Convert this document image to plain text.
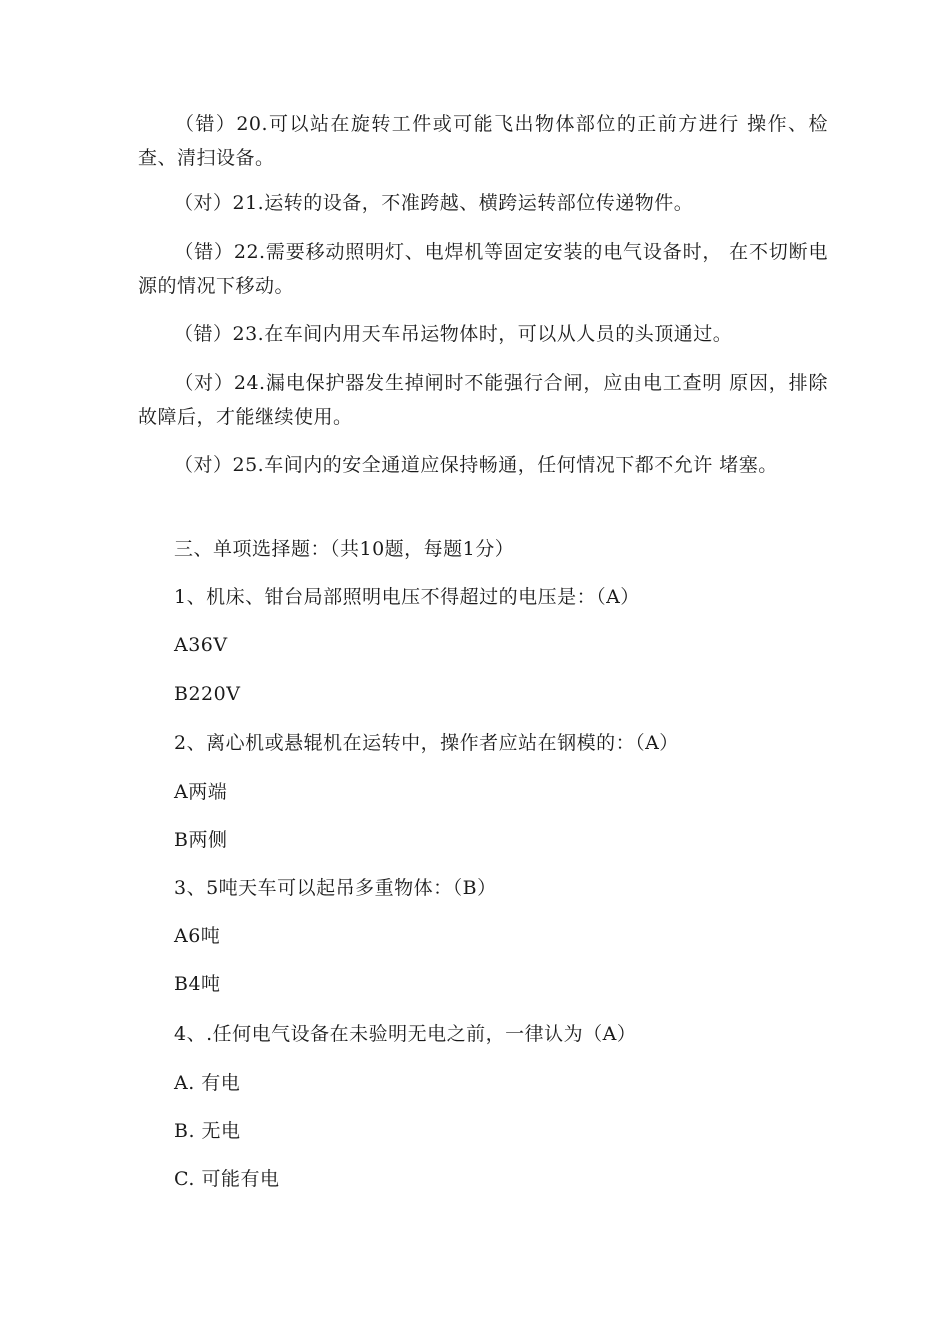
（错）20.可以站在旋转工件或可能飞出物体部位的正前方进行 操作、检查、清扫设备。
（对）21.运转的设备，不准跨越、横跨运转部位传递物件。
（错）22.需要移动照明灯、电焊机等固定安装的电气设备时， 在不切断电源的情况下移动。
（错）23.在车间内用天车吊运物体时，可以从人员的头顶通过。
（对）24.漏电保护器发生掉闸时不能强行合闸，应由电工查明 原因，排除故障后，才能继续使用。
（对）25.车间内的安全通道应保持畅通，任何情况下都不允许 堵塞。
三、单项选择题：（共10题，每题1分）
1、机床、钳台局部照明电压不得超过的电压是：（A）
A36V
B220V
2、离心机或悬辊机在运转中，操作者应站在钢模的：（A）
A两端
B两侧
3、5吨天车可以起吊多重物体：（B）
A6吨
B4吨
4、.任何电气设备在未验明无电之前，一律认为（A）
A. 有电
B. 无电
C. 可能有电
